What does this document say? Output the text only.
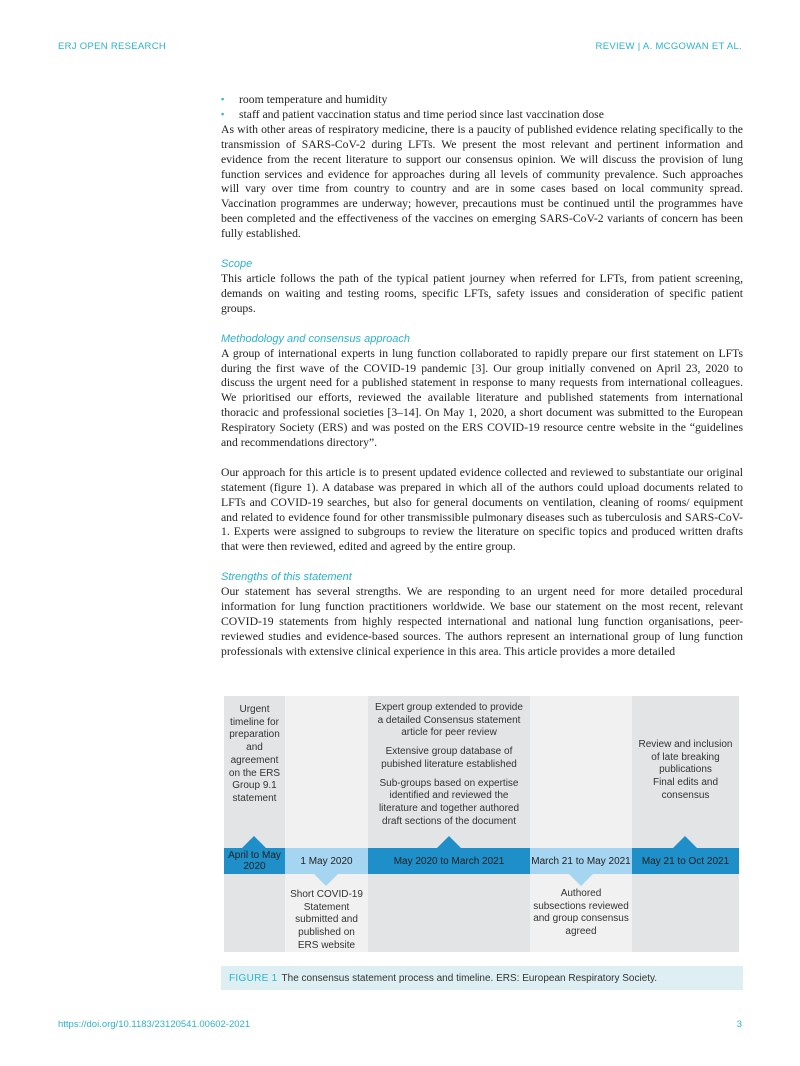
ERJ OPEN RESEARCH	REVIEW | A. MCGOWAN ET AL.
▪ room temperature and humidity
▪ staff and patient vaccination status and time period since last vaccination dose

As with other areas of respiratory medicine, there is a paucity of published evidence relating specifically to the transmission of SARS-CoV-2 during LFTs. We present the most relevant and pertinent information and evidence from the recent literature to support our consensus opinion. We will discuss the provision of lung function services and evidence for approaches during all levels of community prevalence. Such approaches will vary over time from country to country and are in some cases based on local community spread. Vaccination programmes are underway; however, precautions must be continued until the programmes have been completed and the effectiveness of the vaccines on emerging SARS-CoV-2 variants of concern has been fully established.

Scope

This article follows the path of the typical patient journey when referred for LFTs, from patient screening, demands on waiting and testing rooms, specific LFTs, safety issues and consideration of specific patient groups.

Methodology and consensus approach

A group of international experts in lung function collaborated to rapidly prepare our first statement on LFTs during the first wave of the COVID-19 pandemic [3]. Our group initially convened on April 23, 2020 to discuss the urgent need for a published statement in response to many requests from international colleagues. We prioritised our efforts, reviewed the available literature and published statements from international thoracic and professional societies [3–14]. On May 1, 2020, a short document was submitted to the European Respiratory Society (ERS) and was posted on the ERS COVID-19 resource centre website in the “guidelines and recommendations directory”.

Our approach for this article is to present updated evidence collected and reviewed to substantiate our original statement (figure 1). A database was prepared in which all of the authors could upload documents related to LFTs and COVID-19 searches, but also for general documents on ventilation, cleaning of rooms/ equipment and related to evidence found for other transmissible pulmonary diseases such as tuberculosis and SARS-CoV-1. Experts were assigned to subgroups to review the literature on specific topics and produced written drafts that were then reviewed, edited and agreed by the entire group.

Strengths of this statement

Our statement has several strengths. We are responding to an urgent need for more detailed procedural information for lung function practitioners worldwide. We base our statement on the most recent, relevant COVID-19 statements from highly respected international and national lung function organisations, peer-reviewed studies and evidence-based sources. The authors represent an international group of lung function professionals with extensive clinical experience in this area. This article provides a more detailed

Urgent timeline for preparation and agreement on the ERS Group 9.1 statement
Expert group extended to provide a detailed Consensus statement article for peer review
Extensive group database of pubished literature established
Sub-groups based on expertise identified and reviewed the literature and together authored draft sections of the document
Review and inclusion of late breaking publications
Final edits and consensus
April to May 2020	1 May 2020	May 2020 to March 2021	March 21 to May 2021	May 21 to Oct 2021
Short COVID-19 Statement submitted and published on ERS website
Authored subsections reviewed and group consensus agreed
FIGURE 1 The consensus statement process and timeline. ERS: European Respiratory Society.
https://doi.org/10.1183/23120541.00602-2021	3
